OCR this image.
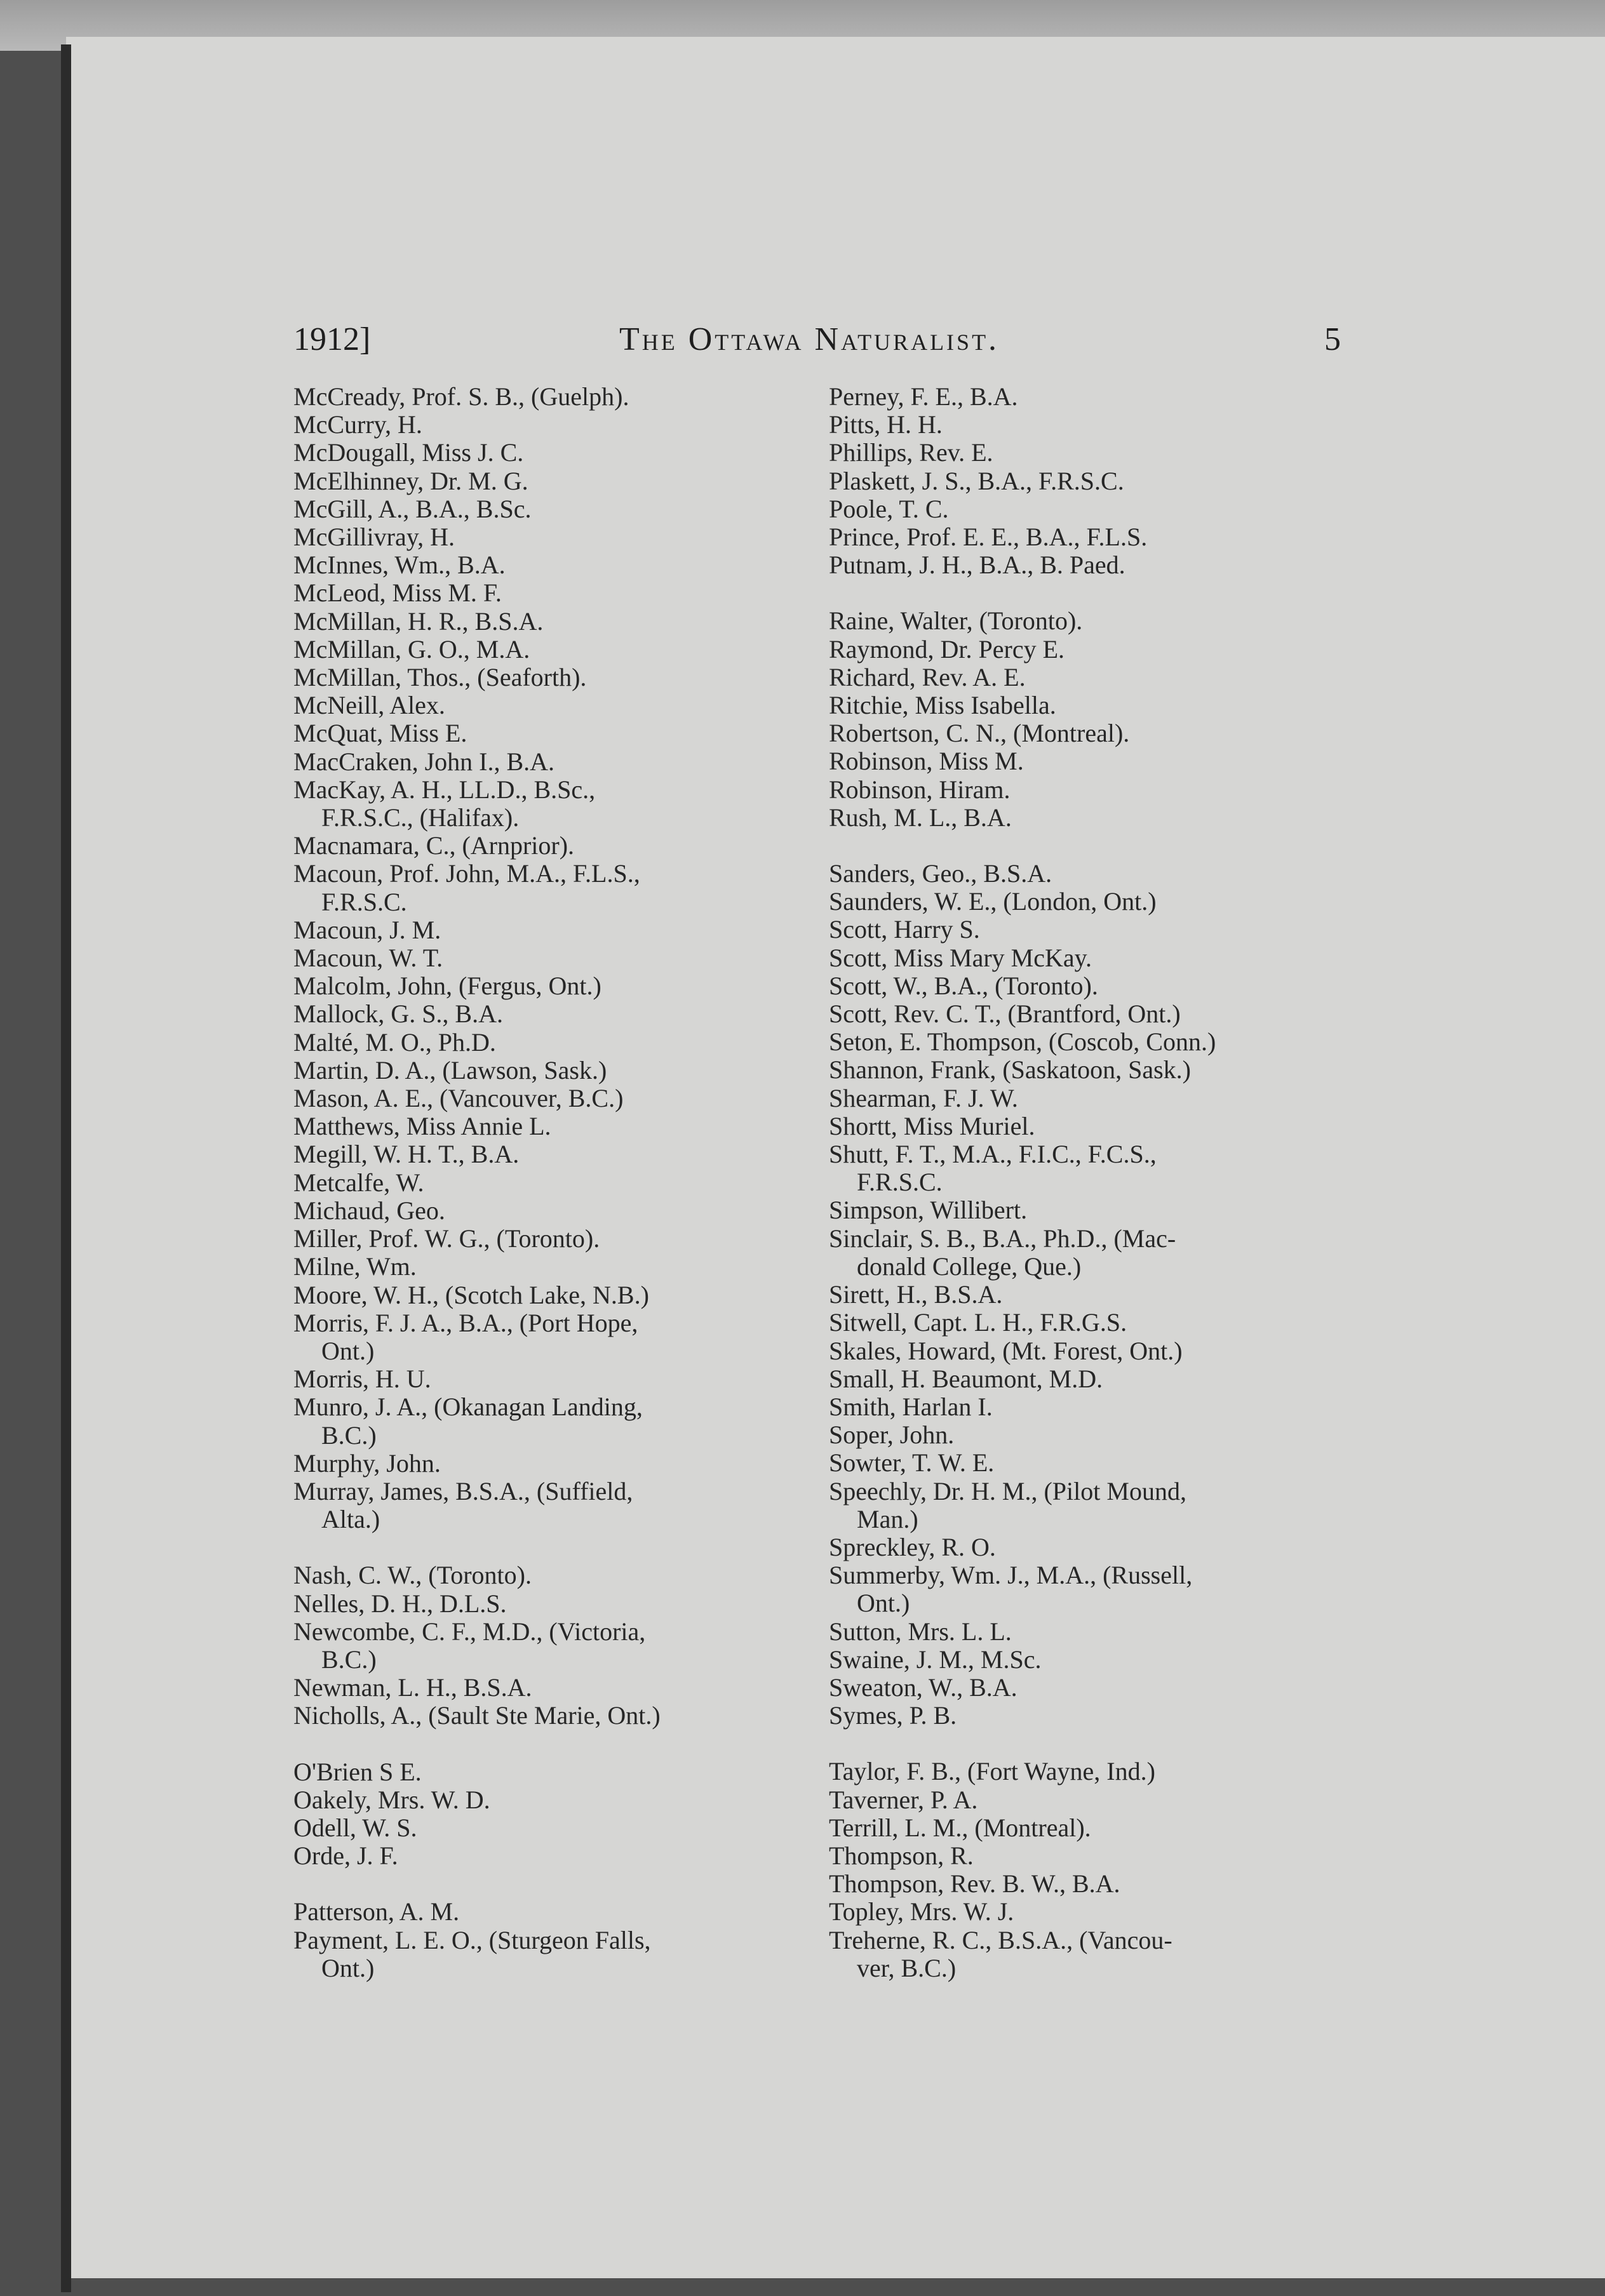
1912]	The Ottawa Naturalist.	5
McCready, Prof. S. B., (Guelph).
McCurry, H.
McDougall, Miss J. C.
McElhinney, Dr. M. G.
McGill, A., B.A., B.Sc.
McGillivray, H.
McInnes, Wm., B.A.
McLeod, Miss M. F.
McMillan, H. R., B.S.A.
McMillan, G. O., M.A.
McMillan, Thos., (Seaforth).
McNeill, Alex.
McQuat, Miss E.
MacCraken, John I., B.A.
MacKay, A. H., LL.D., B.Sc.,
F.R.S.C., (Halifax).
Macnamara, C., (Arnprior).
Macoun, Prof. John, M.A., F.L.S.,
F.R.S.C.
Macoun, J. M.
Macoun, W. T.
Malcolm, John, (Fergus, Ont.)
Mallock, G. S., B.A.
Malté, M. O., Ph.D.
Martin, D. A., (Lawson, Sask.)
Mason, A. E., (Vancouver, B.C.)
Matthews, Miss Annie L.
Megill, W. H. T., B.A.
Metcalfe, W.
Michaud, Geo.
Miller, Prof. W. G., (Toronto).
Milne, Wm.
Moore, W. H., (Scotch Lake, N.B.)
Morris, F. J. A., B.A., (Port Hope,
Ont.)
Morris, H. U.
Munro, J. A., (Okanagan Landing,
B.C.)
Murphy, John.
Murray, James, B.S.A., (Suffield,
Alta.)
Nash, C. W., (Toronto).
Nelles, D. H., D.L.S.
Newcombe, C. F., M.D., (Victoria,
B.C.)
Newman, L. H., B.S.A.
Nicholls, A., (Sault Ste Marie, Ont.)
O'Brien S E.
Oakely, Mrs. W. D.
Odell, W. S.
Orde, J. F.
Patterson, A. M.
Payment, L. E. O., (Sturgeon Falls,
Ont.)
Perney, F. E., B.A.
Pitts, H. H.
Phillips, Rev. E.
Plaskett, J. S., B.A., F.R.S.C.
Poole, T. C.
Prince, Prof. E. E., B.A., F.L.S.
Putnam, J. H., B.A., B. Paed.
Raine, Walter, (Toronto).
Raymond, Dr. Percy E.
Richard, Rev. A. E.
Ritchie, Miss Isabella.
Robertson, C. N., (Montreal).
Robinson, Miss M.
Robinson, Hiram.
Rush, M. L., B.A.
Sanders, Geo., B.S.A.
Saunders, W. E., (London, Ont.)
Scott, Harry S.
Scott, Miss Mary McKay.
Scott, W., B.A., (Toronto).
Scott, Rev. C. T., (Brantford, Ont.)
Seton, E. Thompson, (Coscob, Conn.)
Shannon, Frank, (Saskatoon, Sask.)
Shearman, F. J. W.
Shortt, Miss Muriel.
Shutt, F. T., M.A., F.I.C., F.C.S.,
F.R.S.C.
Simpson, Willibert.
Sinclair, S. B., B.A., Ph.D., (Mac-
donald College, Que.)
Sirett, H., B.S.A.
Sitwell, Capt. L. H., F.R.G.S.
Skales, Howard, (Mt. Forest, Ont.)
Small, H. Beaumont, M.D.
Smith, Harlan I.
Soper, John.
Sowter, T. W. E.
Speechly, Dr. H. M., (Pilot Mound,
Man.)
Spreckley, R. O.
Summerby, Wm. J., M.A., (Russell,
Ont.)
Sutton, Mrs. L. L.
Swaine, J. M., M.Sc.
Sweaton, W., B.A.
Symes, P. B.
Taylor, F. B., (Fort Wayne, Ind.)
Taverner, P. A.
Terrill, L. M., (Montreal).
Thompson, R.
Thompson, Rev. B. W., B.A.
Topley, Mrs. W. J.
Treherne, R. C., B.S.A., (Vancou-
ver, B.C.)
